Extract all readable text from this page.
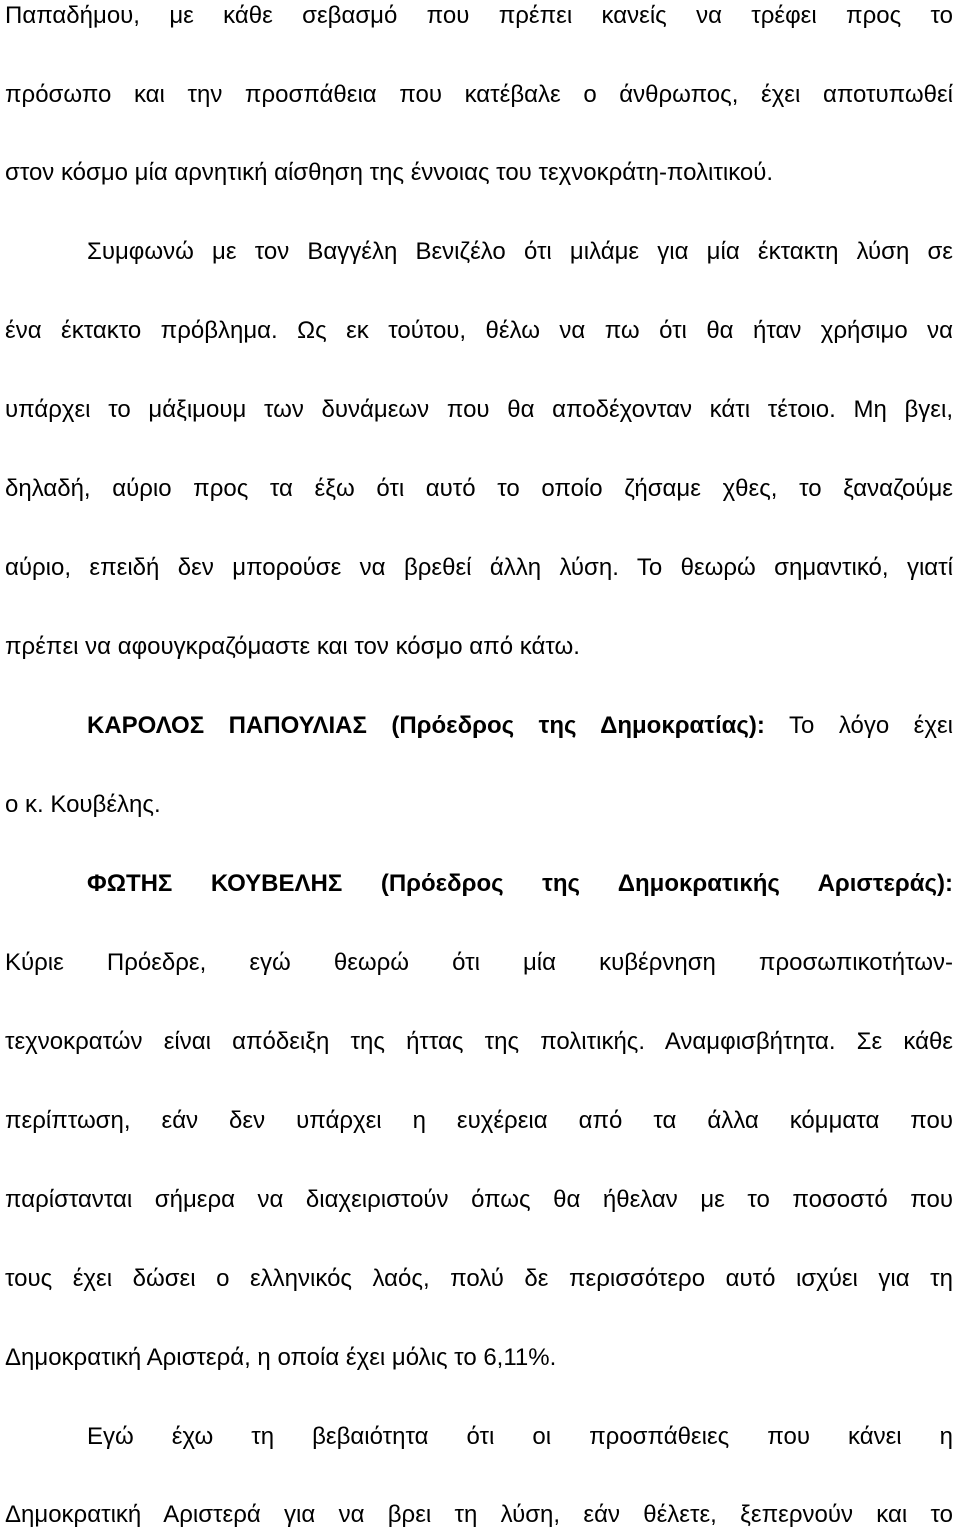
Παπαδήμου, με κάθε σεβασμό που πρέπει κανείς να τρέφει προς το

πρόσωπο και την προσπάθεια που κατέβαλε ο άνθρωπος, έχει αποτυπωθεί

στον κόσμο μία αρνητική αίσθηση της έννοιας του τεχνοκράτη-πολιτικού.

Συμφωνώ με τον Βαγγέλη Βενιζέλο ότι μιλάμε για μία έκτακτη λύση σε

ένα έκτακτο πρόβλημα. Ως εκ τούτου, θέλω να πω ότι θα ήταν χρήσιμο να

υπάρχει το μάξιμουμ των δυνάμεων που θα αποδέχονταν κάτι τέτοιο. Μη βγει,

δηλαδή, αύριο προς τα έξω ότι αυτό το οποίο ζήσαμε χθες, το ξαναζούμε

αύριο, επειδή δεν μπορούσε να βρεθεί άλλη λύση. Το θεωρώ σημαντικό, γιατί

πρέπει να αφουγκραζόμαστε και τον κόσμο από κάτω.

ΚΑΡΟΛΟΣ ΠΑΠΟΥΛΙΑΣ (Πρόεδρος της Δημοκρατίας): Το λόγο έχει

ο κ. Κουβέλης.

ΦΩΤΗΣ ΚΟΥΒΕΛΗΣ (Πρόεδρος της Δημοκρατικής Αριστεράς):

Κύριε Πρόεδρε, εγώ θεωρώ ότι μία κυβέρνηση προσωπικοτήτων-

τεχνοκρατών είναι απόδειξη της ήττας της πολιτικής. Αναμφισβήτητα. Σε κάθε

περίπτωση, εάν δεν υπάρχει η ευχέρεια από τα άλλα κόμματα που

παρίστανται σήμερα να διαχειριστούν όπως θα ήθελαν με το ποσοστό που

τους έχει δώσει ο ελληνικός λαός, πολύ δε περισσότερο αυτό ισχύει για τη

Δημοκρατική Αριστερά, η οποία έχει μόλις το 6,11%.

Εγώ έχω τη βεβαιότητα ότι οι προσπάθειες που κάνει η

Δημοκρατική Αριστερά για να βρει τη λύση, εάν θέλετε, ξεπερνούν και το
